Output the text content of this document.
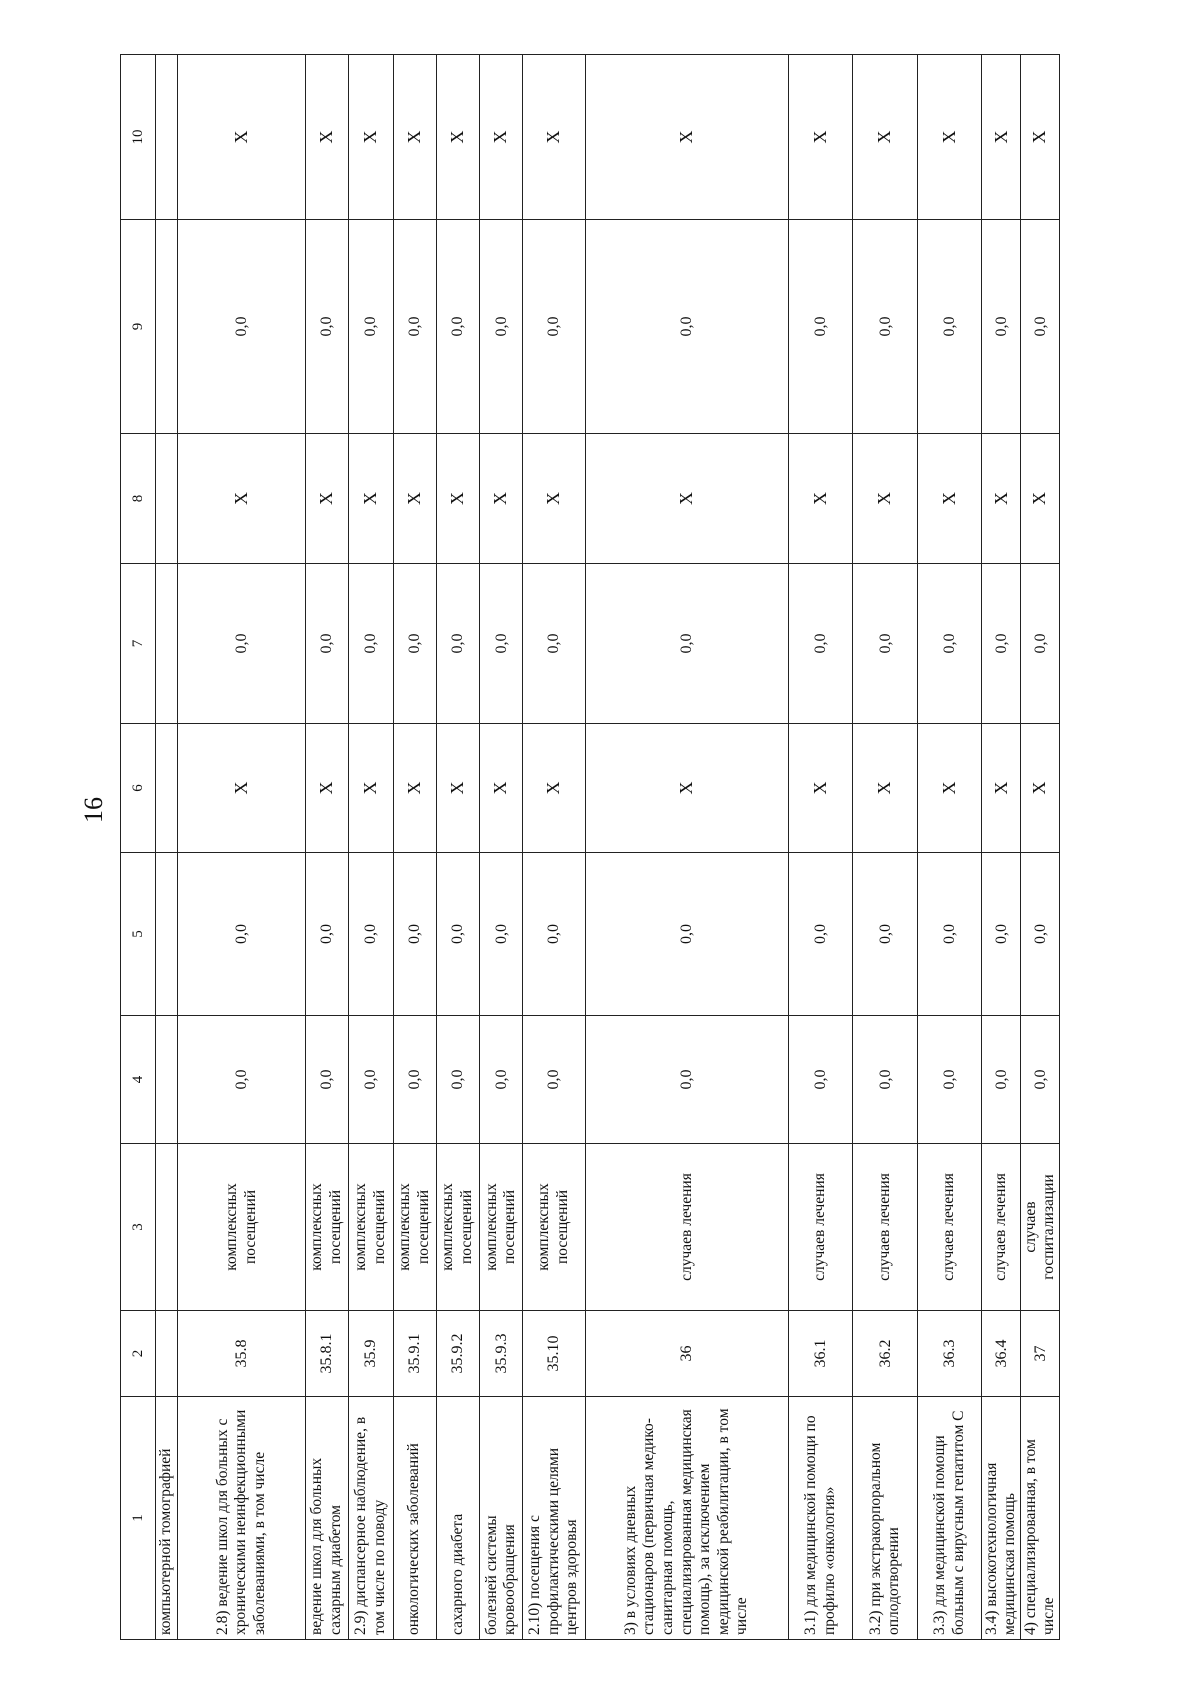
16
1	2	3	4	5	6	7	8	9	10
компьютерной томографией									
2.8) ведение школ для больных с хроническими неинфекционными заболеваниями, в том числе	35.8	комплексных посещений	0,0	0,0	X	0,0	X	0,0	X
ведение школ для больных сахарным диабетом	35.8.1	комплексных посещений	0,0	0,0	X	0,0	X	0,0	X
2.9) диспансерное наблюдение, в том числе по поводу	35.9	комплексных посещений	0,0	0,0	X	0,0	X	0,0	X
онкологических заболеваний	35.9.1	комплексных посещений	0,0	0,0	X	0,0	X	0,0	X
сахарного диабета	35.9.2	комплексных посещений	0,0	0,0	X	0,0	X	0,0	X
болезней системы кровообращения	35.9.3	комплексных посещений	0,0	0,0	X	0,0	X	0,0	X
2.10) посещения с профилактическими целями центров здоровья	35.10	комплексных посещений	0,0	0,0	X	0,0	X	0,0	X
3) в условиях дневных стационаров (первичная медико-санитарная помощь, специализированная медицинская помощь), за исключением медицинской реабилитации, в том числе	36	случаев лечения	0,0	0,0	X	0,0	X	0,0	X
3.1) для медицинской помощи по профилю «онкология»	36.1	случаев лечения	0,0	0,0	X	0,0	X	0,0	X
3.2) при экстракорпоральном оплодотворении	36.2	случаев лечения	0,0	0,0	X	0,0	X	0,0	X
3.3) для медицинской помощи больным с вирусным гепатитом С	36.3	случаев лечения	0,0	0,0	X	0,0	X	0,0	X
3.4) высокотехнологичная медицинская помощь	36.4	случаев лечения	0,0	0,0	X	0,0	X	0,0	X
4) специализированная, в том числе	37	случаев госпитализации	0,0	0,0	X	0,0	X	0,0	X
